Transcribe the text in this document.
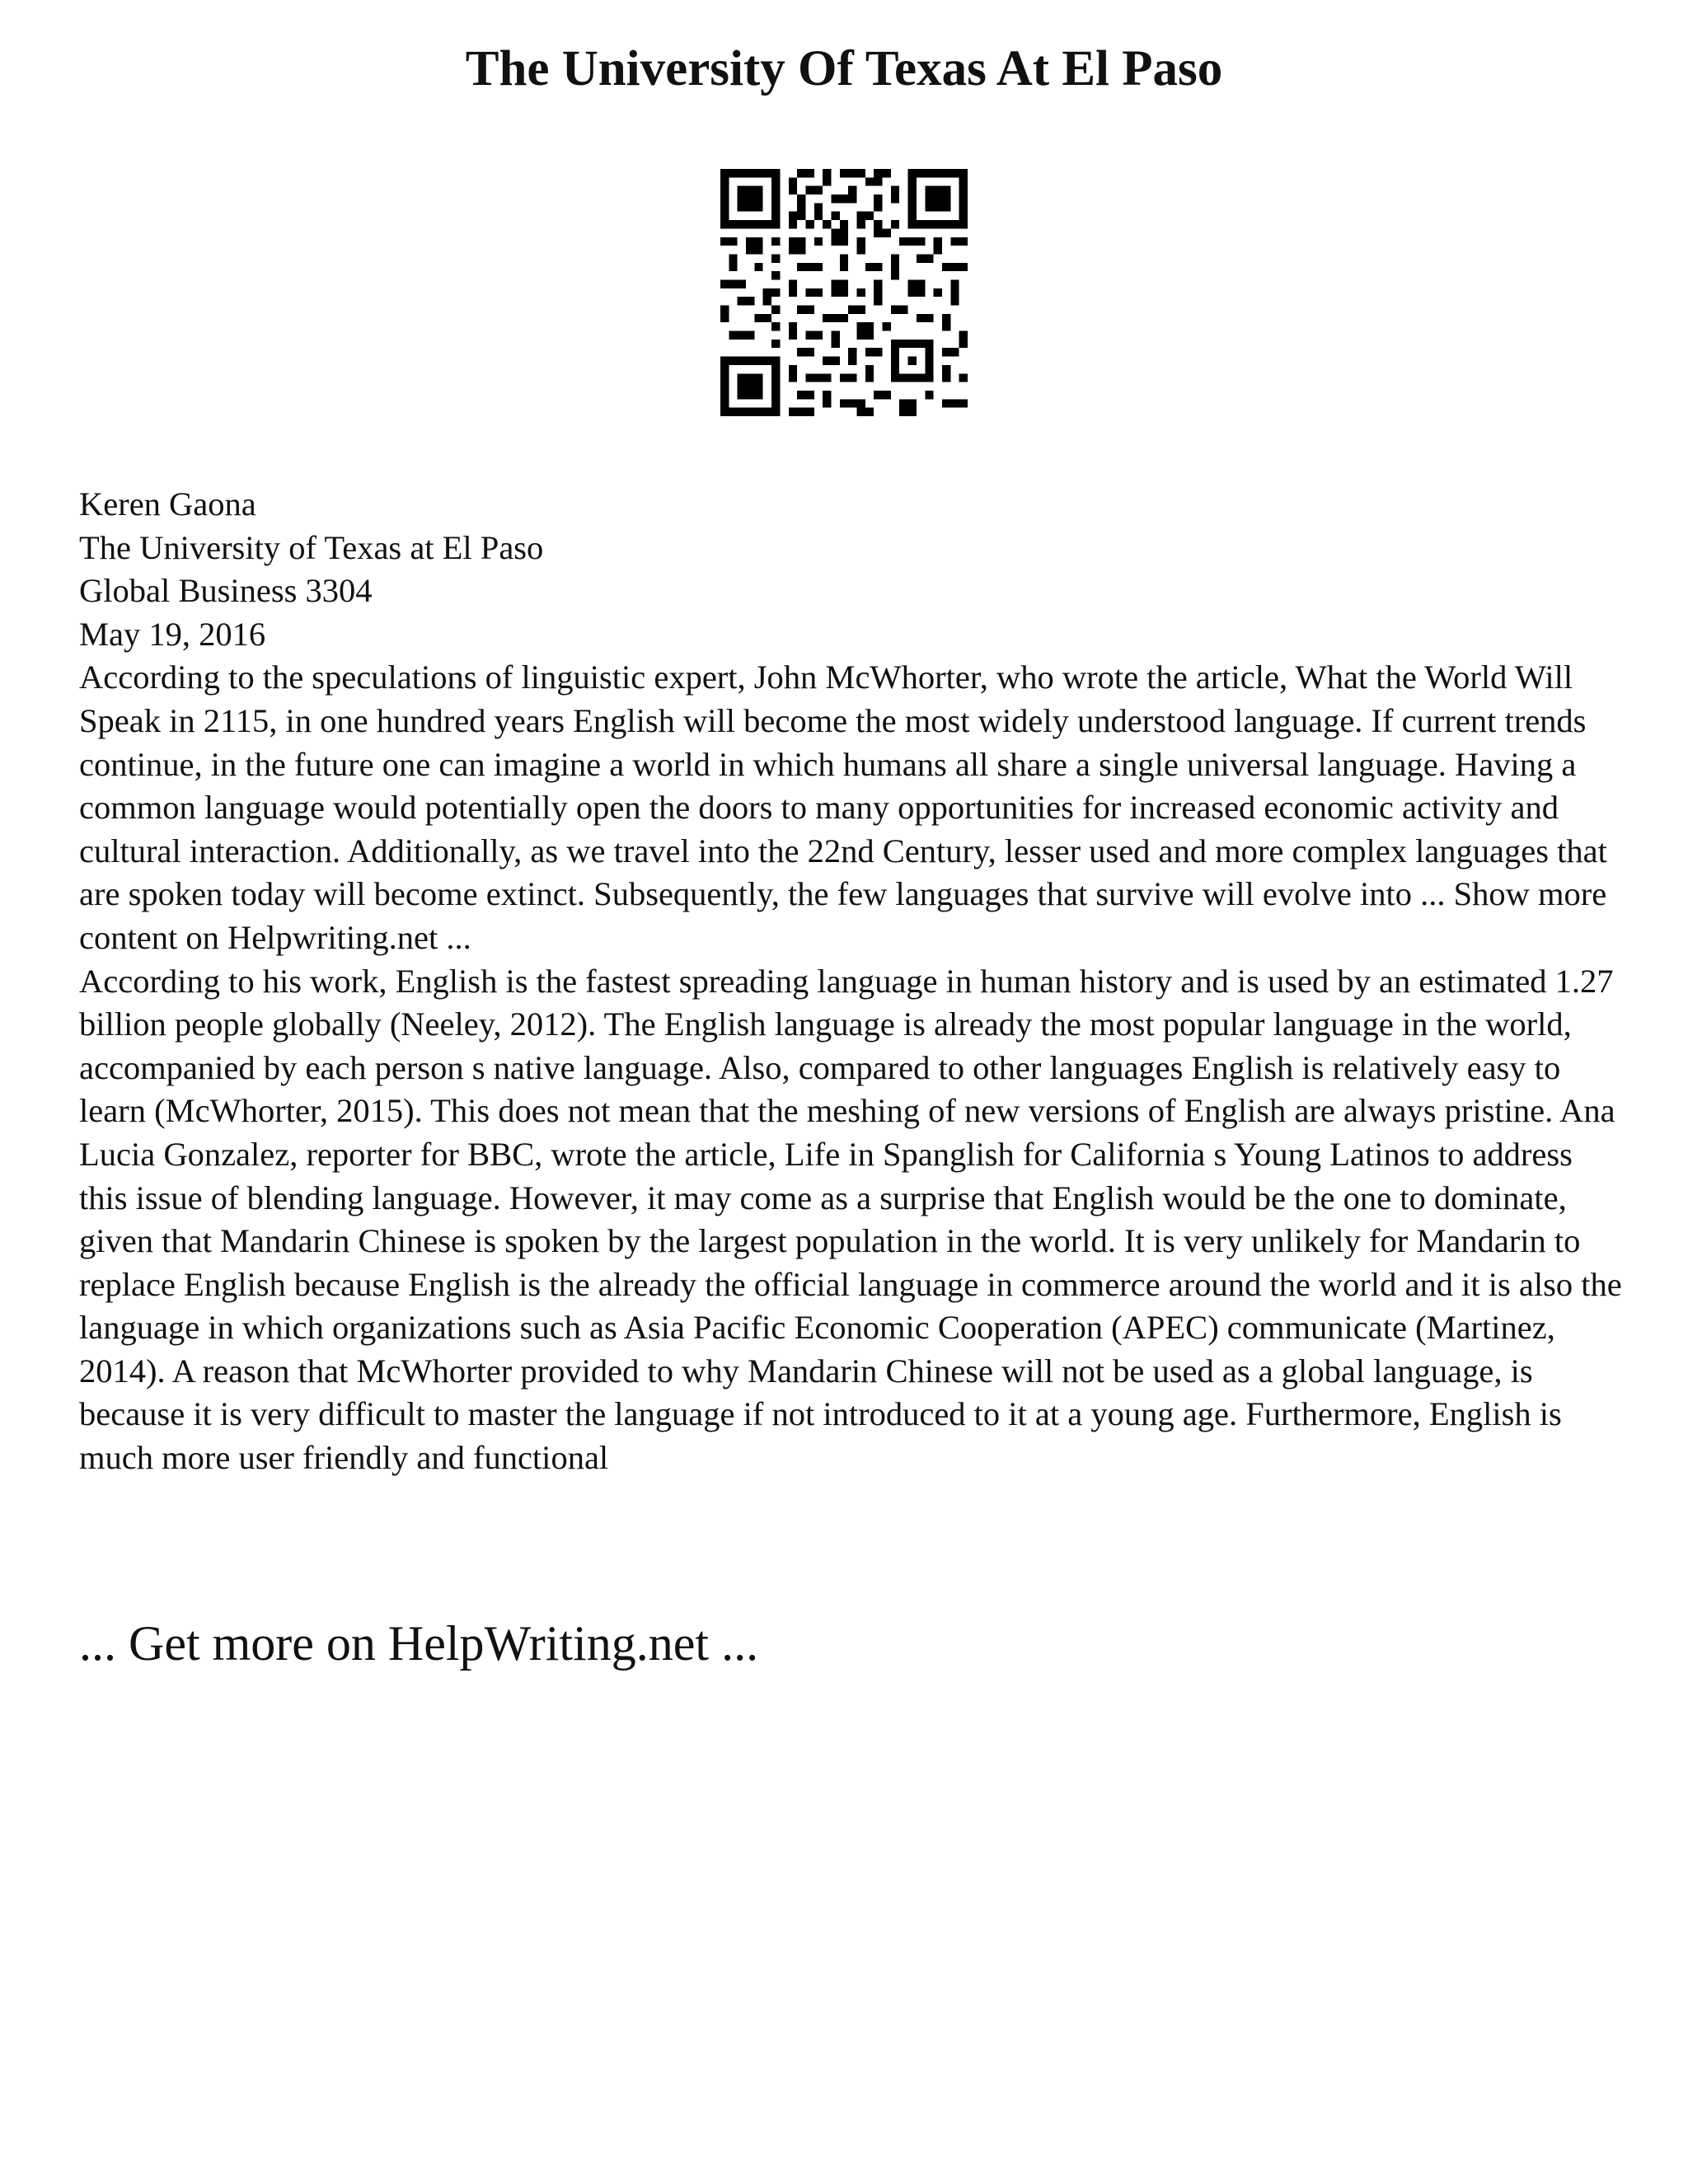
The University Of Texas At El Paso
Keren Gaona
The University of Texas at El Paso
Global Business 3304
May 19, 2016

According to the speculations of linguistic expert, John McWhorter, who wrote the article, What the World Will Speak in 2115, in one hundred years English will become the most widely understood language. If current trends continue, in the future one can imagine a world in which humans all share a single universal language. Having a common language would potentially open the doors to many opportunities for increased economic activity and cultural interaction. Additionally, as we travel into the 22nd Century, lesser used and more complex languages that are spoken today will become extinct. Subsequently, the few languages that survive will evolve into ... Show more content on Helpwriting.net ...

According to his work, English is the fastest spreading language in human history and is used by an estimated 1.27 billion people globally (Neeley, 2012). The English language is already the most popular language in the world, accompanied by each person s native language. Also, compared to other languages English is relatively easy to learn (McWhorter, 2015). This does not mean that the meshing of new versions of English are always pristine. Ana Lucia Gonzalez, reporter for BBC, wrote the article, Life in Spanglish for California s Young Latinos to address this issue of blending language. However, it may come as a surprise that English would be the one to dominate, given that Mandarin Chinese is spoken by the largest population in the world. It is very unlikely for Mandarin to replace English because English is the already the official language in commerce around the world and it is also the language in which organizations such as Asia Pacific Economic Cooperation (APEC) communicate (Martinez, 2014). A reason that McWhorter provided to why Mandarin Chinese will not be used as a global language, is because it is very difficult to master the language if not introduced to it at a young age. Furthermore, English is much more user friendly and functional

... Get more on HelpWriting.net ...
